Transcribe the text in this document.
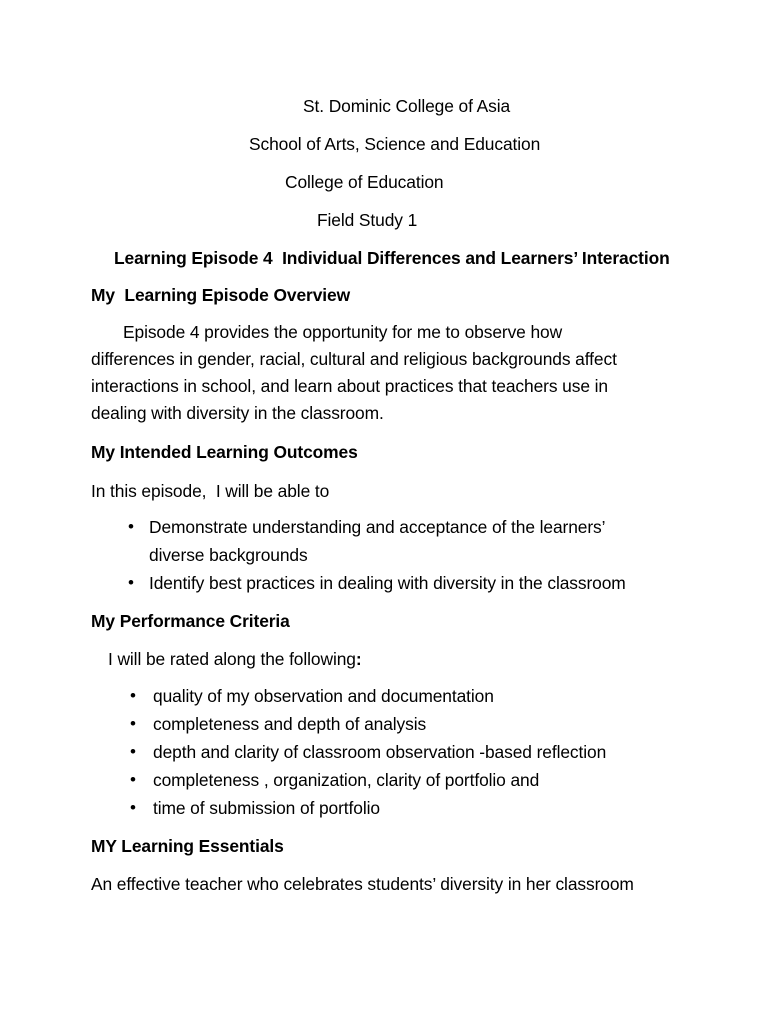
St. Dominic College of Asia
School of Arts, Science and Education
College of Education
Field Study 1
Learning Episode 4  Individual Differences and Learners’ Interaction
My  Learning Episode Overview
Episode 4 provides the opportunity for me to observe how
differences in gender, racial, cultural and religious backgrounds affect
interactions in school, and learn about practices that teachers use in
dealing with diversity in the classroom.
My Intended Learning Outcomes
In this episode,  I will be able to
• Demonstrate understanding and acceptance of the learners’
diverse backgrounds
• Identify best practices in dealing with diversity in the classroom
My Performance Criteria
I will be rated along the following:
• quality of my observation and documentation
• completeness and depth of analysis
• depth and clarity of classroom observation -based reflection
• completeness , organization, clarity of portfolio and
• time of submission of portfolio
MY Learning Essentials
An effective teacher who celebrates students’ diversity in her classroom
